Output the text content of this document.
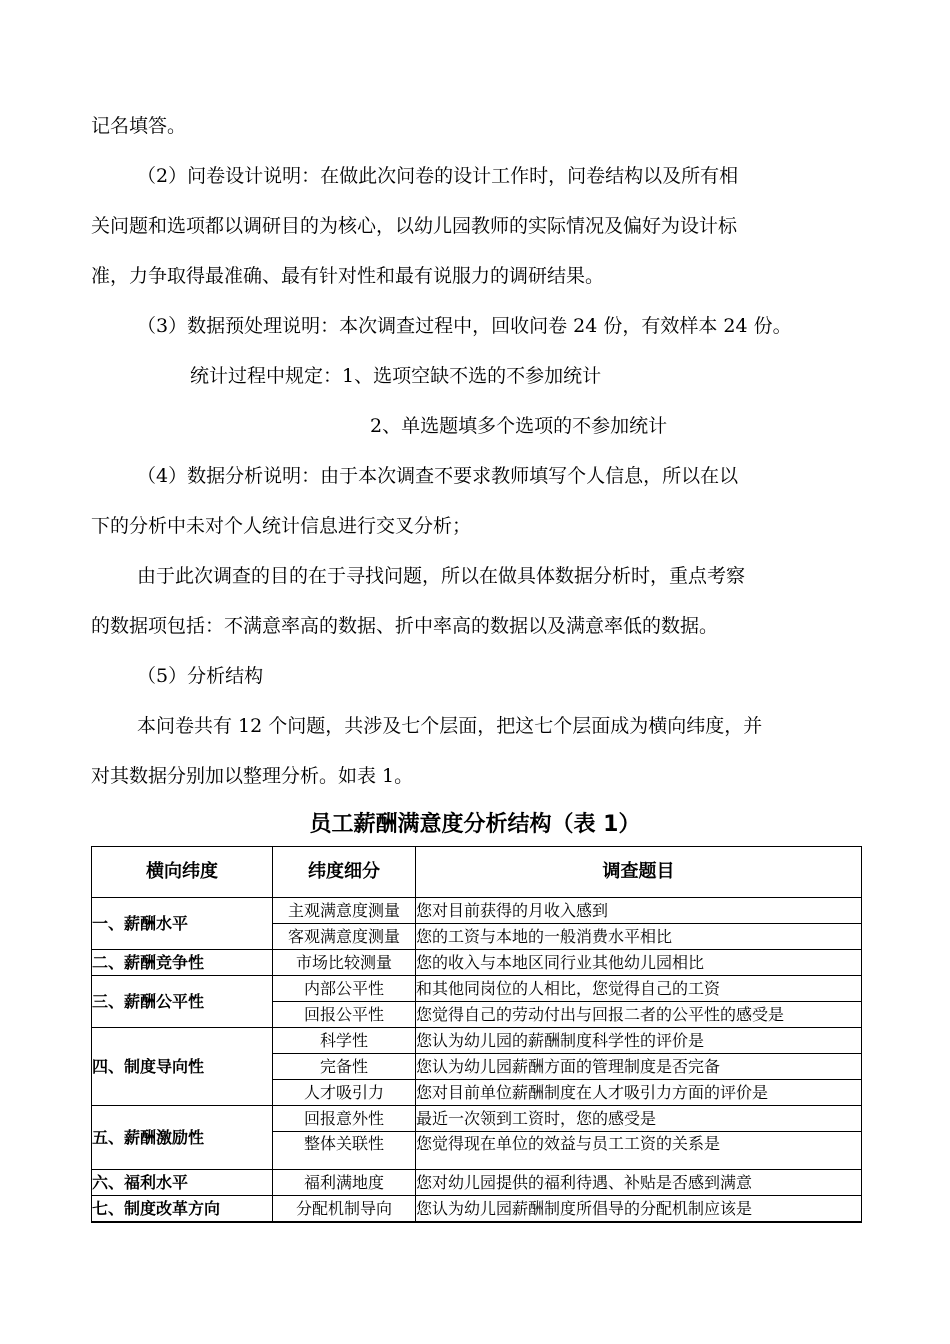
记名填答。
（2）问卷设计说明：在做此次问卷的设计工作时，问卷结构以及所有相
关问题和选项都以调研目的为核心，以幼儿园教师的实际情况及偏好为设计标
准，力争取得最准确、最有针对性和最有说服力的调研结果。
（3）数据预处理说明：本次调查过程中，回收问卷 24 份，有效样本 24 份。
统计过程中规定：1、选项空缺不选的不参加统计
2、单选题填多个选项的不参加统计
（4）数据分析说明：由于本次调查不要求教师填写个人信息，所以在以
下的分析中未对个人统计信息进行交叉分析；
由于此次调查的目的在于寻找问题，所以在做具体数据分析时，重点考察
的数据项包括：不满意率高的数据、折中率高的数据以及满意率低的数据。
（5）分析结构
本问卷共有 12 个问题，共涉及七个层面，把这七个层面成为横向纬度，并
对其数据分别加以整理分析。如表 1。
员工薪酬满意度分析结构（表 1）
横向纬度	纬度细分	调查题目
一、薪酬水平	主观满意度测量	您对目前获得的月收入感到
	客观满意度测量	您的工资与本地的一般消费水平相比
二、薪酬竞争性	市场比较测量	您的收入与本地区同行业其他幼儿园相比
三、薪酬公平性	内部公平性	和其他同岗位的人相比，您觉得自己的工资
	回报公平性	您觉得自己的劳动付出与回报二者的公平性的感受是
四、制度导向性	科学性	您认为幼儿园的薪酬制度科学性的评价是
	完备性	您认为幼儿园薪酬方面的管理制度是否完备
	人才吸引力	您对目前单位薪酬制度在人才吸引力方面的评价是
五、薪酬激励性	回报意外性	最近一次领到工资时，您的感受是
	整体关联性	您觉得现在单位的效益与员工工资的关系是
六、福利水平	福利满地度	您对幼儿园提供的福利待遇、补贴是否感到满意
七、制度改革方向	分配机制导向	您认为幼儿园薪酬制度所倡导的分配机制应该是
